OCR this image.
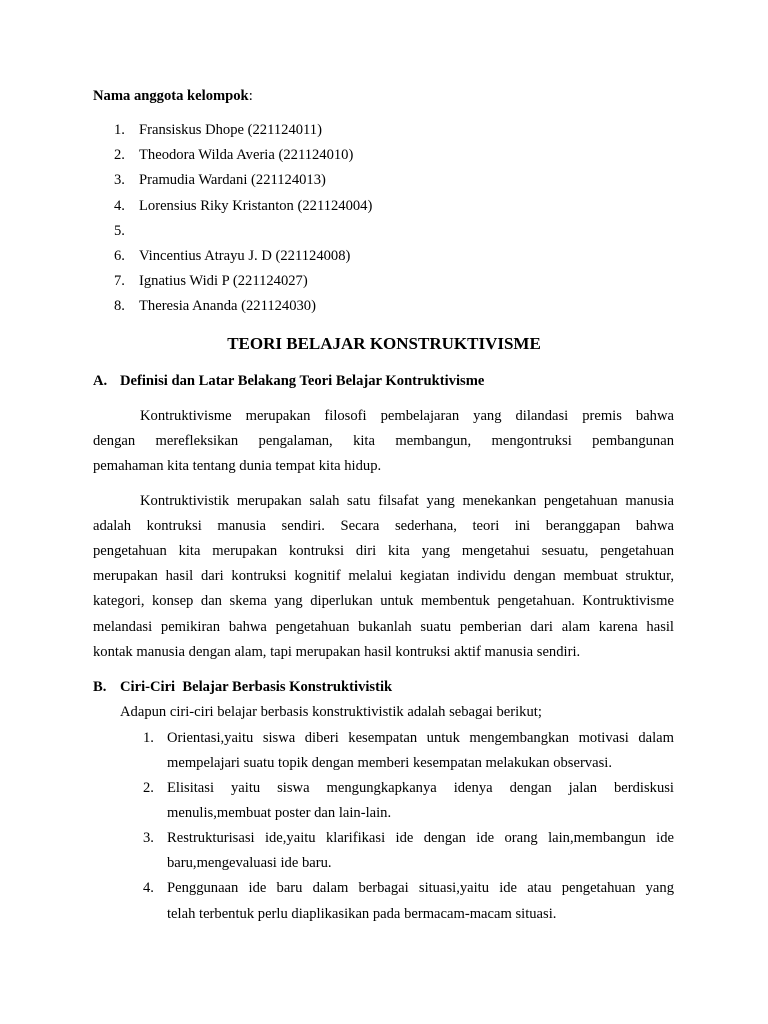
Nama anggota kelompok:
1. Fransiskus Dhope (221124011)
2. Theodora Wilda Averia (221124010)
3. Pramudia Wardani (221124013)
4. Lorensius Riky Kristanton (221124004)
5.
6. Vincentius Atrayu J. D (221124008)
7. Ignatius Widi P (221124027)
8. Theresia Ananda (221124030)
TEORI BELAJAR KONSTRUKTIVISME
A. Definisi dan Latar Belakang Teori Belajar Kontruktivisme
Kontruktivisme merupakan filosofi pembelajaran yang dilandasi premis bahwa
dengan merefleksikan pengalaman, kita membangun, mengontruksi pembangunan
pemahaman kita tentang dunia tempat kita hidup.
Kontruktivistik merupakan salah satu filsafat yang menekankan pengetahuan manusia
adalah kontruksi manusia sendiri. Secara sederhana, teori ini beranggapan bahwa
pengetahuan kita merupakan kontruksi diri kita yang mengetahui sesuatu, pengetahuan
merupakan hasil dari kontruksi kognitif melalui kegiatan individu dengan membuat struktur,
kategori, konsep dan skema yang diperlukan untuk membentuk pengetahuan. Kontruktivisme
melandasi pemikiran bahwa pengetahuan bukanlah suatu pemberian dari alam karena hasil
kontak manusia dengan alam, tapi merupakan hasil kontruksi aktif manusia sendiri.
B. Ciri-Ciri  Belajar Berbasis Konstruktivistik
Adapun ciri-ciri belajar berbasis konstruktivistik adalah sebagai berikut;
1. Orientasi,yaitu siswa diberi kesempatan untuk mengembangkan motivasi dalam
mempelajari suatu topik dengan memberi kesempatan melakukan observasi.
2. Elisitasi yaitu siswa mengungkapkanya idenya dengan jalan berdiskusi
menulis,membuat poster dan lain-lain.
3. Restrukturisasi ide,yaitu klarifikasi ide dengan ide orang lain,membangun ide
baru,mengevaluasi ide baru.
4. Penggunaan ide baru dalam berbagai situasi,yaitu ide atau pengetahuan yang
telah terbentuk perlu diaplikasikan pada bermacam-macam situasi.
